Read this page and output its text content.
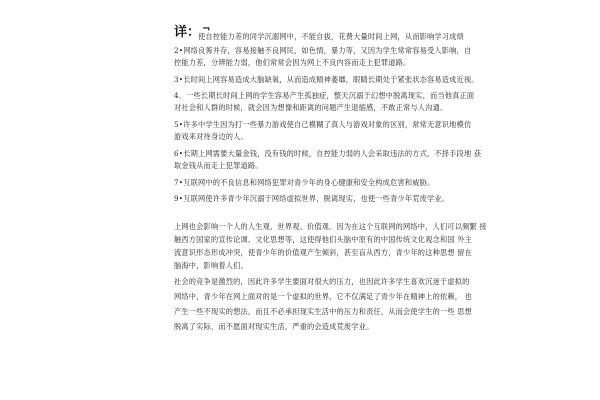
详： ¬
使自控能力差的同学沉溺网中，不能自拔，花费大量时间上网，从而影响学习成绩
2•网络良莠并存，容易接触不良网民，如色情，暴力等，又因为学生常常容易受人影响，自
控能力差，分辨能力弱，他们常常会因为网上不良内容而走上犯罪道路。
3•长时间上网容易造成大脑缺氧，从而造成精神萎靡，眼睛长期处于紧张状态容易造成近视。
4、一些长期长时间上网的学生容易产生孤独症，整天沉溺于幻想中脱离现实，而当他真正面
对社会和人群的时候，就会因为想像和距离的问题产生退缩感，不敢正常与人沟通。
5•许多中学生因为打一些暴力游戏使自己模糊了真人与游戏对象的区别，常常无意识地模仿
游戏来对待身边的人。
6•长期上网需要大量金钱，没有钱的时候，自控能力弱的人会采取违法的方式，不择手段地 获
取金钱从而走上犯罪道路。
7•互联网中的不良信息和网络犯罪对青少年的身心健康和安全构成危害和威胁。
9•互联网使许多青少年沉溺于网络虚拟世界，脱离现实，也使一些青少年荒废学业。
上网也会影响一个人的人生观、世界观、价值观。因为在这个互联网的网络中，人们可以频繁 接
触西方国家的宣传论调、文化思想等，这使得他们头脑中原有的中国传统文化观念和国 外主
流意识形态形成冲突，使青少年的价值观产生倾斜，甚至盲从西方，青少年的这种思想 留在
脑海中，影响着人们。
社会的竞争是激烈的，因此许多学生要面对很大的压力，也因此许多学生喜欢沉迷于虚拟的
网络中，青少年在网上面对的是一个虚拟的世界，它不仅满足了青少年在精神上的依赖， 也
产生一些不现实的想法，而且不必承担现实生活中的压力和责任，从而会使学生的一些 思想
脱离了实际，而不愿面对现实生活，严重的会造成荒废学业。
